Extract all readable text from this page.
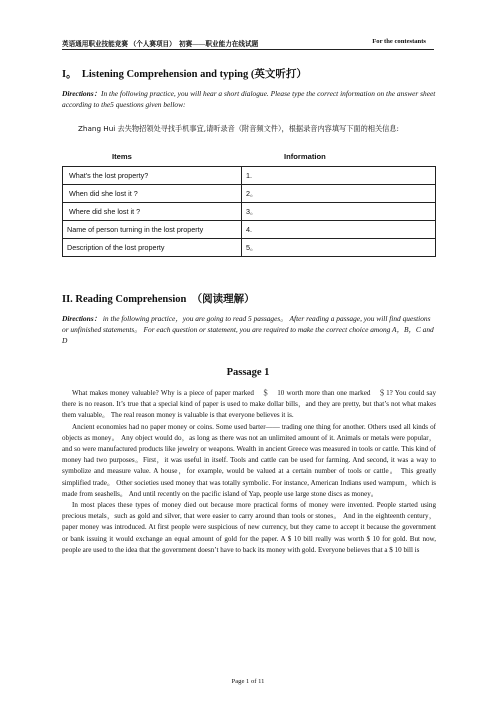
英语通用职业技能竞赛 （个人赛项目）　初赛——职业能力在线试题	For the contestants
I。　Listening Comprehension and typing (英文听打）
Directions：In the following practice, you will hear a short dialogue. Please type the correct information on the answer sheet according to the5 questions given bellow:
Zhang Hui 去失物招领处寻找手机事宜,请听录音（附音频文件），根据录音内容填写下面的相关信息:
Items	Information
What's the lost property?	1.
When did she lost it ?	2。
Where did she lost it ?	3。
Name of person turning in the lost property	4.
Description of the lost property	5。
II. Reading Comprehension　（阅读理解）
Directions： in the following practice，you are going to read 5 passages。 After reading a passage, you will find questions or unfinished statements。 For each question or statement, you are required to make the correct choice among A，B，C and D
Passage 1

What makes money valuable? Why is a piece of paper marked　＄　10 worth more than one marked　＄1? You could say there is no reason. It’s true that a special kind of paper is used to make dollar bills，and they are pretty, but that’s not what makes them valuable。 The real reason money is valuable is that everyone believes it is.

Ancient economies had no paper money or coins. Some used barter—— trading one thing for another. Others used all kinds of objects as money。 Any object would do，as long as there was not an unlimited amount of it. Animals or metals were popular，and so were manufactured products like jewelry or weapons. Wealth in ancient Greece was measured in tools or cattle. This kind of money had two purposes。First，it was useful in itself. Tools and cattle can be used for farming. And second, it was a way to symbolize and measure value. A house，for example, would be valued at a certain number of tools or cattle。 This greatly simplified trade。 Other societies used money that was totally symbolic. For instance, American Indians used wampum，which is made from seashells。 And until recently on the pacific island of Yap, people use large stone discs as money。

In most places these types of money died out because more practical forms of money were invented. People started using precious metals，such as gold and silver, that were easier to carry around than tools or stones。 And in the eighteenth century，paper money was introduced. At first people were suspicious of new currency, but they came to accept it because the government or bank issuing it would exchange an equal amount of gold for the paper. A $ 10 bill really was worth $ 10 for gold. But now, people are used to the idea that the government doesn’t have to back its money with gold. Everyone believes that a $ 10 bill is

Page 1 of 11
